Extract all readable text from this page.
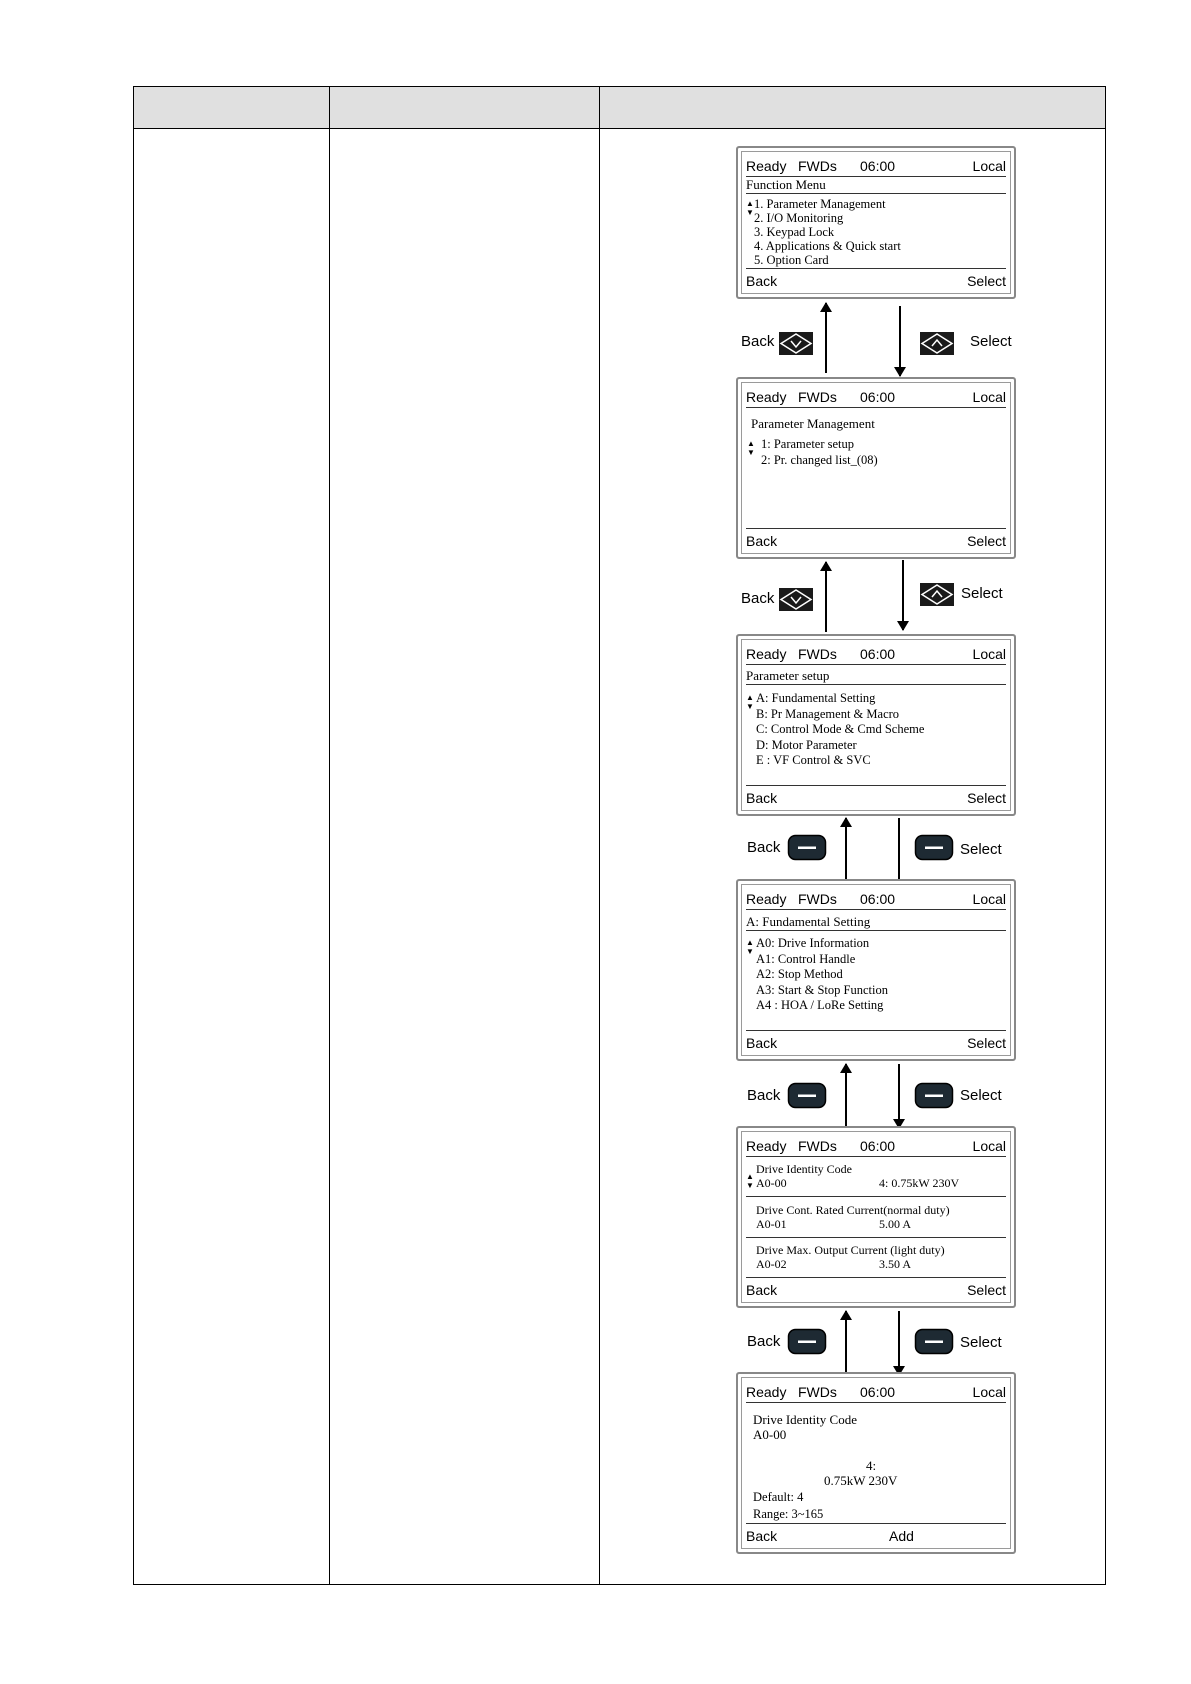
Ready FWDs 06:00	Local
Function Menu
▲
▼
1. Parameter Management
2. I/O Monitoring
3. Keypad Lock
4. Applications & Quick start
5. Option Card
Back	Select
Back	Select
Ready FWDs 06:00	Local
Parameter Management
▲
▼
1: Parameter setup
2: Pr. changed list_(08)
Back	Select
Back	Select
Ready FWDs 06:00	Local
Parameter setup
▲
▼
A: Fundamental Setting
B: Pr Management & Macro
C: Control Mode & Cmd Scheme
D: Motor Parameter
E : VF Control & SVC
Back	Select
Back	Select
Ready FWDs 06:00	Local
A: Fundamental Setting
▲
▼
A0: Drive Information
A1: Control Handle
A2: Stop Method
A3: Start & Stop Function
A4 : HOA / LoRe Setting
Back	Select
Back	Select
Ready FWDs 06:00	Local
▲
▼
Drive Identity Code
A0-00	4: 0.75kW 230V
Drive Cont. Rated Current(normal duty)
A0-01	5.00 A
Drive Max. Output Current (light duty)
A0-02	3.50 A
Back	Select
Back	Select
Ready FWDs 06:00	Local
Drive Identity Code
A0-00
4:
0.75kW 230V
Default: 4
Range: 3~165
Back	Add
